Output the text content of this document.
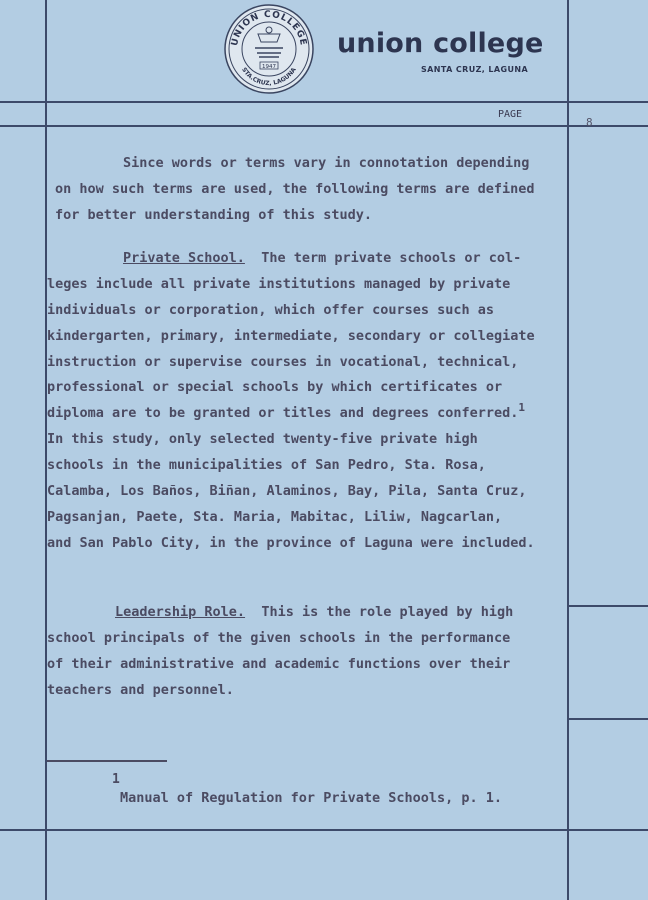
UNION COLLEGE
STA.CRUZ, LAGUNA
1947
union college
SANTA CRUZ, LAGUNA
PAGE
8
Since words or terms vary in connotation depending
on how such terms are used, the following terms are defined
for better understanding of this study.
Private School. The term private schools or col-
leges include all private institutions managed by private
individuals or corporation, which offer courses such as
kindergarten, primary, intermediate, secondary or collegiate
instruction or supervise courses in vocational, technical,
professional or special schools by which certificates or
diploma are to be granted or titles and degrees conferred.$^1$
In this study, only selected twenty-five private high
schools in the municipalities of San Pedro, Sta. Rosa,
Calamba, Los Baños, Biñan, Alaminos, Bay, Pila, Santa Cruz,
Pagsanjan, Paete, Sta. Maria, Mabitac, Liliw, Nagcarlan,
and San Pablo City, in the province of Laguna were included.
Leadership Role. This is the role played by high
school principals of the given schools in the performance
of their administrative and academic functions over their
teachers and personnel.
1
Manual of Regulation for Private Schools, p. 1.
